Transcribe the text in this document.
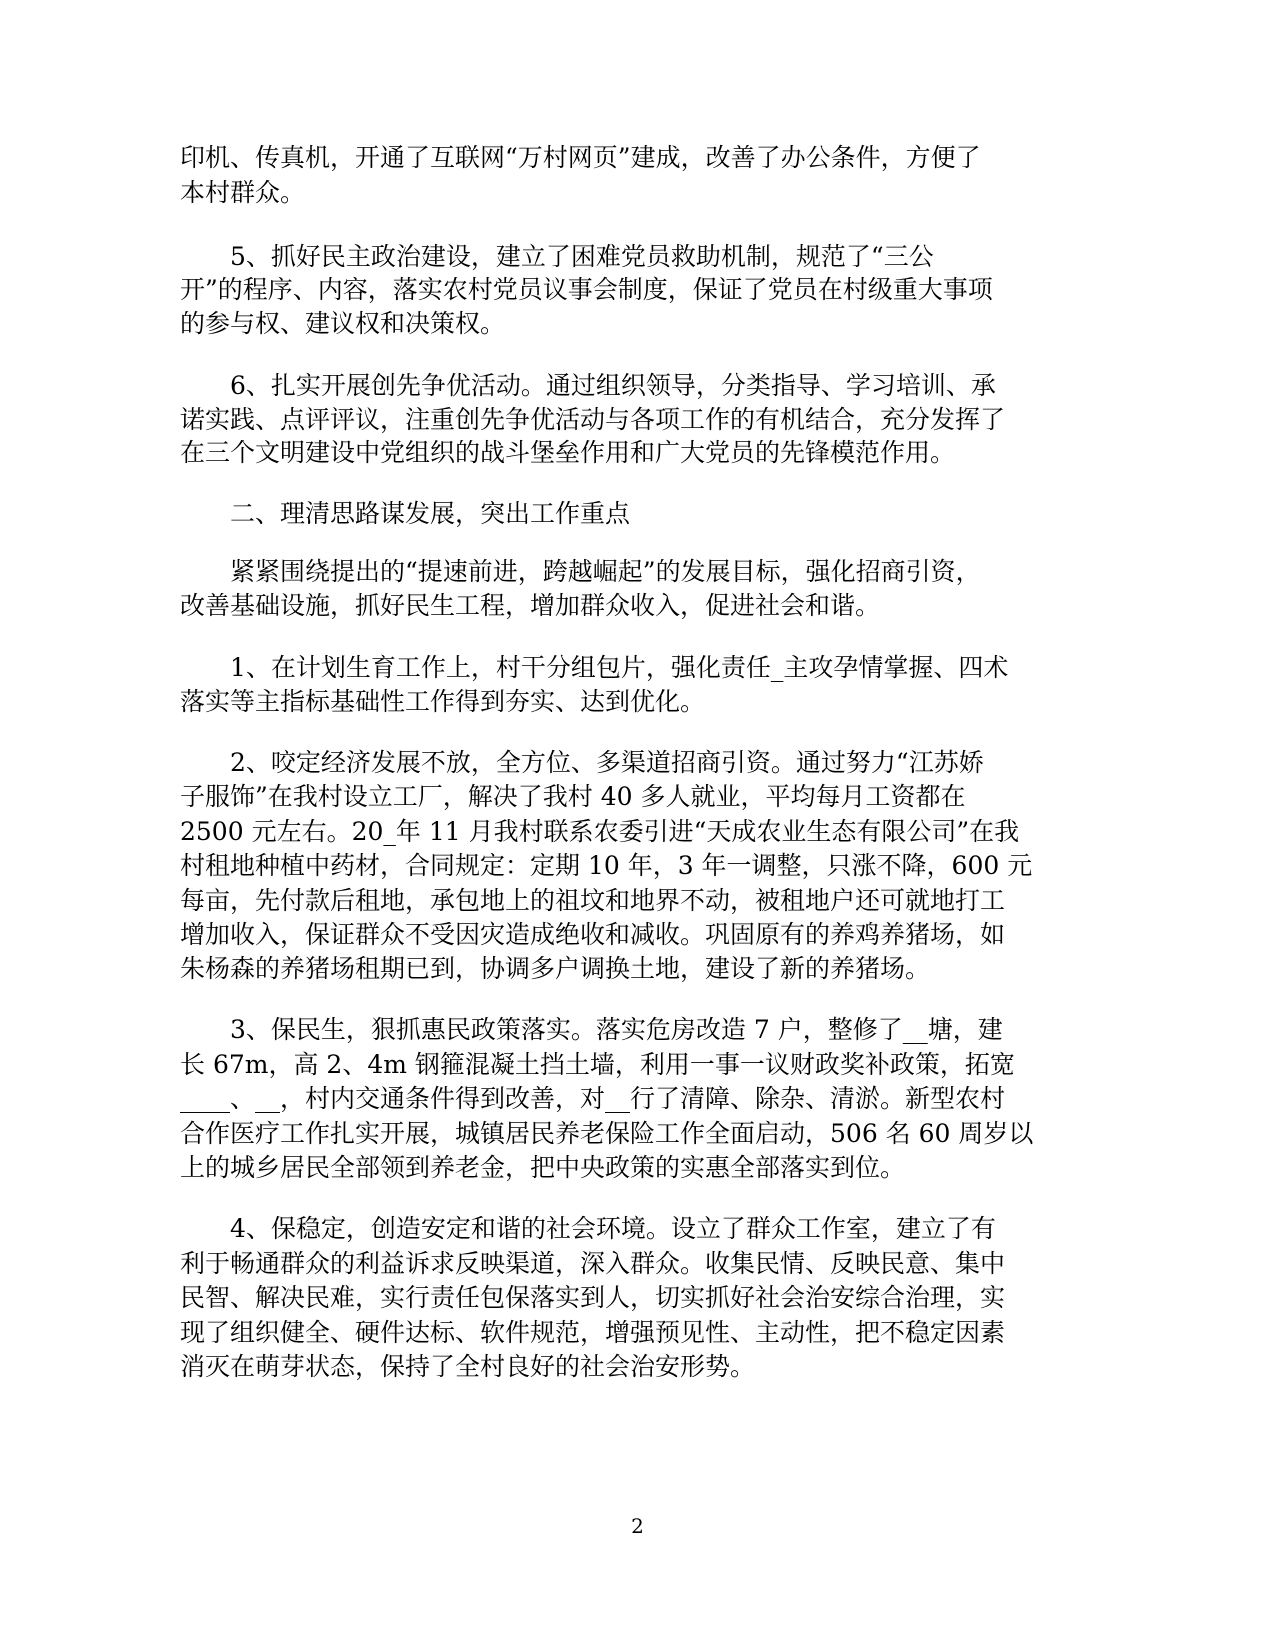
印机、传真机，开通了互联网“万村网页”建成，改善了办公条件，方便了
本村群众。
5、抓好民主政治建设，建立了困难党员救助机制，规范了“三公
开”的程序、内容，落实农村党员议事会制度，保证了党员在村级重大事项
的参与权、建议权和决策权。
6、扎实开展创先争优活动。通过组织领导，分类指导、学习培训、承
诺实践、点评评议，注重创先争优活动与各项工作的有机结合，充分发挥了
在三个文明建设中党组织的战斗堡垒作用和广大党员的先锋模范作用。
二、理清思路谋发展，突出工作重点
紧紧围绕提出的“提速前进，跨越崛起”的发展目标，强化招商引资，
改善基础设施，抓好民生工程，增加群众收入，促进社会和谐。
1、在计划生育工作上，村干分组包片，强化责任_主攻孕情掌握、四术
落实等主指标基础性工作得到夯实、达到优化。
2、咬定经济发展不放，全方位、多渠道招商引资。通过努力“江苏娇
子服饰”在我村设立工厂，解决了我村 40 多人就业，平均每月工资都在
2500 元左右。20_年 11 月我村联系农委引进“天成农业生态有限公司”在我
村租地种植中药材，合同规定：定期 10 年，3 年一调整，只涨不降，600 元
每亩，先付款后租地，承包地上的祖坟和地界不动，被租地户还可就地打工
增加收入，保证群众不受因灾造成绝收和减收。巩固原有的养鸡养猪场，如
朱杨森的养猪场租期已到，协调多户调换土地，建设了新的养猪场。
3、保民生，狠抓惠民政策落实。落实危房改造 7 户，整修了__塘，建
长 67m，高 2、4m 钢箍混凝土挡土墙，利用一事一议财政奖补政策，拓宽
____、__，村内交通条件得到改善，对__行了清障、除杂、清淤。新型农村
合作医疗工作扎实开展，城镇居民养老保险工作全面启动，506 名 60 周岁以
上的城乡居民全部领到养老金，把中央政策的实惠全部落实到位。
4、保稳定，创造安定和谐的社会环境。设立了群众工作室，建立了有
利于畅通群众的利益诉求反映渠道，深入群众。收集民情、反映民意、集中
民智、解决民难，实行责任包保落实到人，切实抓好社会治安综合治理，实
现了组织健全、硬件达标、软件规范，增强预见性、主动性，把不稳定因素
消灭在萌芽状态，保持了全村良好的社会治安形势。
2
